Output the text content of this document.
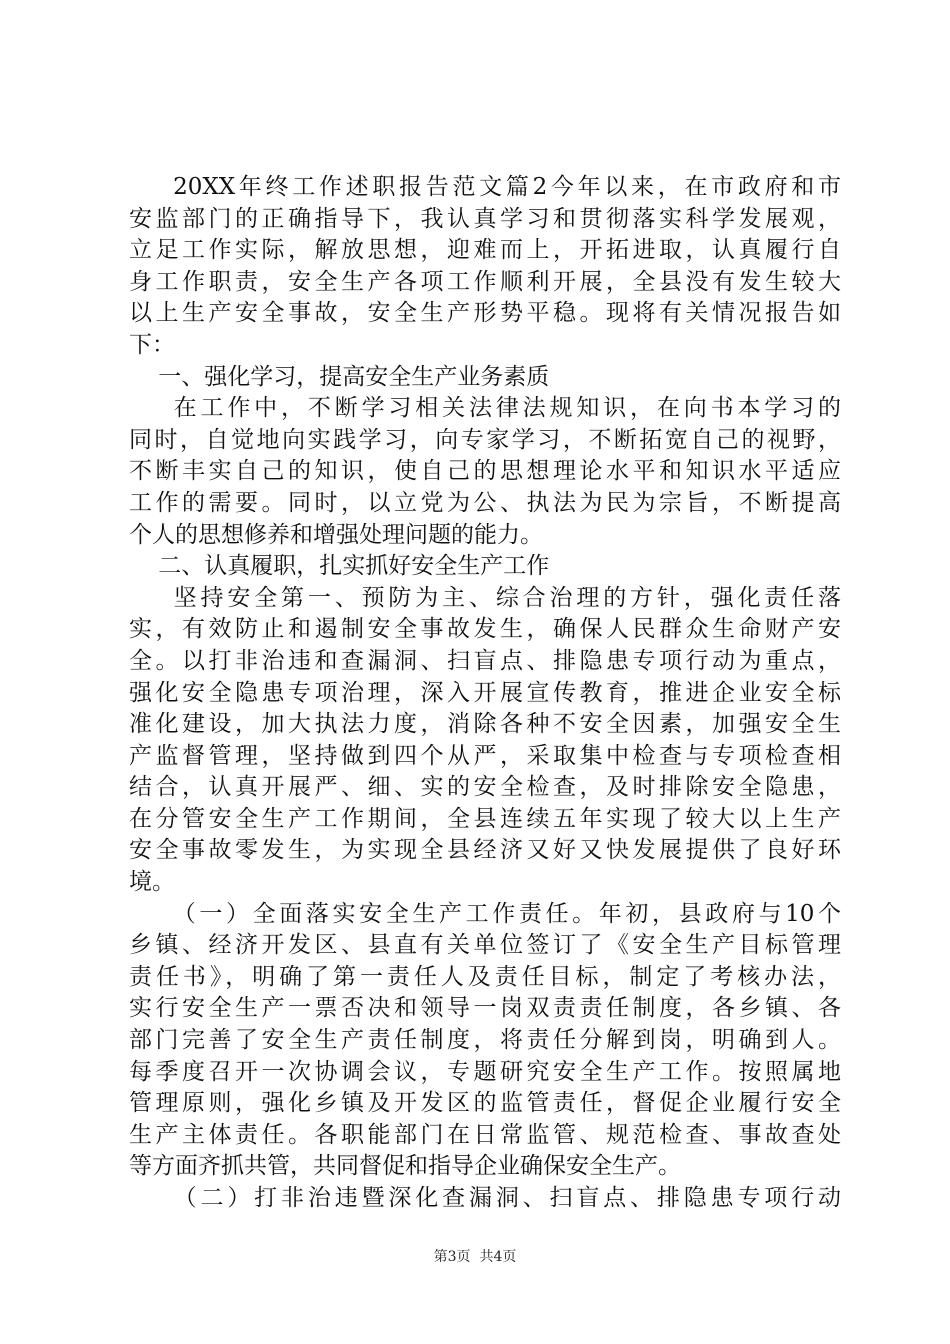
20XX年终工作述职报告范文篇2今年以来，在市政府和市
安监部门的正确指导下，我认真学习和贯彻落实科学发展观，
立足工作实际，解放思想，迎难而上，开拓进取，认真履行自
身工作职责，安全生产各项工作顺利开展，全县没有发生较大
以上生产安全事故，安全生产形势平稳。现将有关情况报告如
下：
一、强化学习，提高安全生产业务素质
在工作中，不断学习相关法律法规知识，在向书本学习的
同时，自觉地向实践学习，向专家学习，不断拓宽自己的视野，
不断丰实自己的知识，使自己的思想理论水平和知识水平适应
工作的需要。同时，以立党为公、执法为民为宗旨，不断提高
个人的思想修养和增强处理问题的能力。
二、认真履职，扎实抓好安全生产工作
坚持安全第一、预防为主、综合治理的方针，强化责任落
实，有效防止和遏制安全事故发生，确保人民群众生命财产安
全。以打非治违和查漏洞、扫盲点、排隐患专项行动为重点，
强化安全隐患专项治理，深入开展宣传教育，推进企业安全标
准化建设，加大执法力度，消除各种不安全因素，加强安全生
产监督管理，坚持做到四个从严，采取集中检查与专项检查相
结合，认真开展严、细、实的安全检查，及时排除安全隐患，
在分管安全生产工作期间，全县连续五年实现了较大以上生产
安全事故零发生，为实现全县经济又好又快发展提供了良好环
境。
（一）全面落实安全生产工作责任。年初，县政府与10个
乡镇、经济开发区、县直有关单位签订了《安全生产目标管理
责任书》，明确了第一责任人及责任目标，制定了考核办法，
实行安全生产一票否决和领导一岗双责责任制度，各乡镇、各
部门完善了安全生产责任制度，将责任分解到岗，明确到人。
每季度召开一次协调会议，专题研究安全生产工作。按照属地
管理原则，强化乡镇及开发区的监管责任，督促企业履行安全
生产主体责任。各职能部门在日常监管、规范检查、事故查处
等方面齐抓共管，共同督促和指导企业确保安全生产。
（二）打非治违暨深化查漏洞、扫盲点、排隐患专项行动
第3页  共4页
